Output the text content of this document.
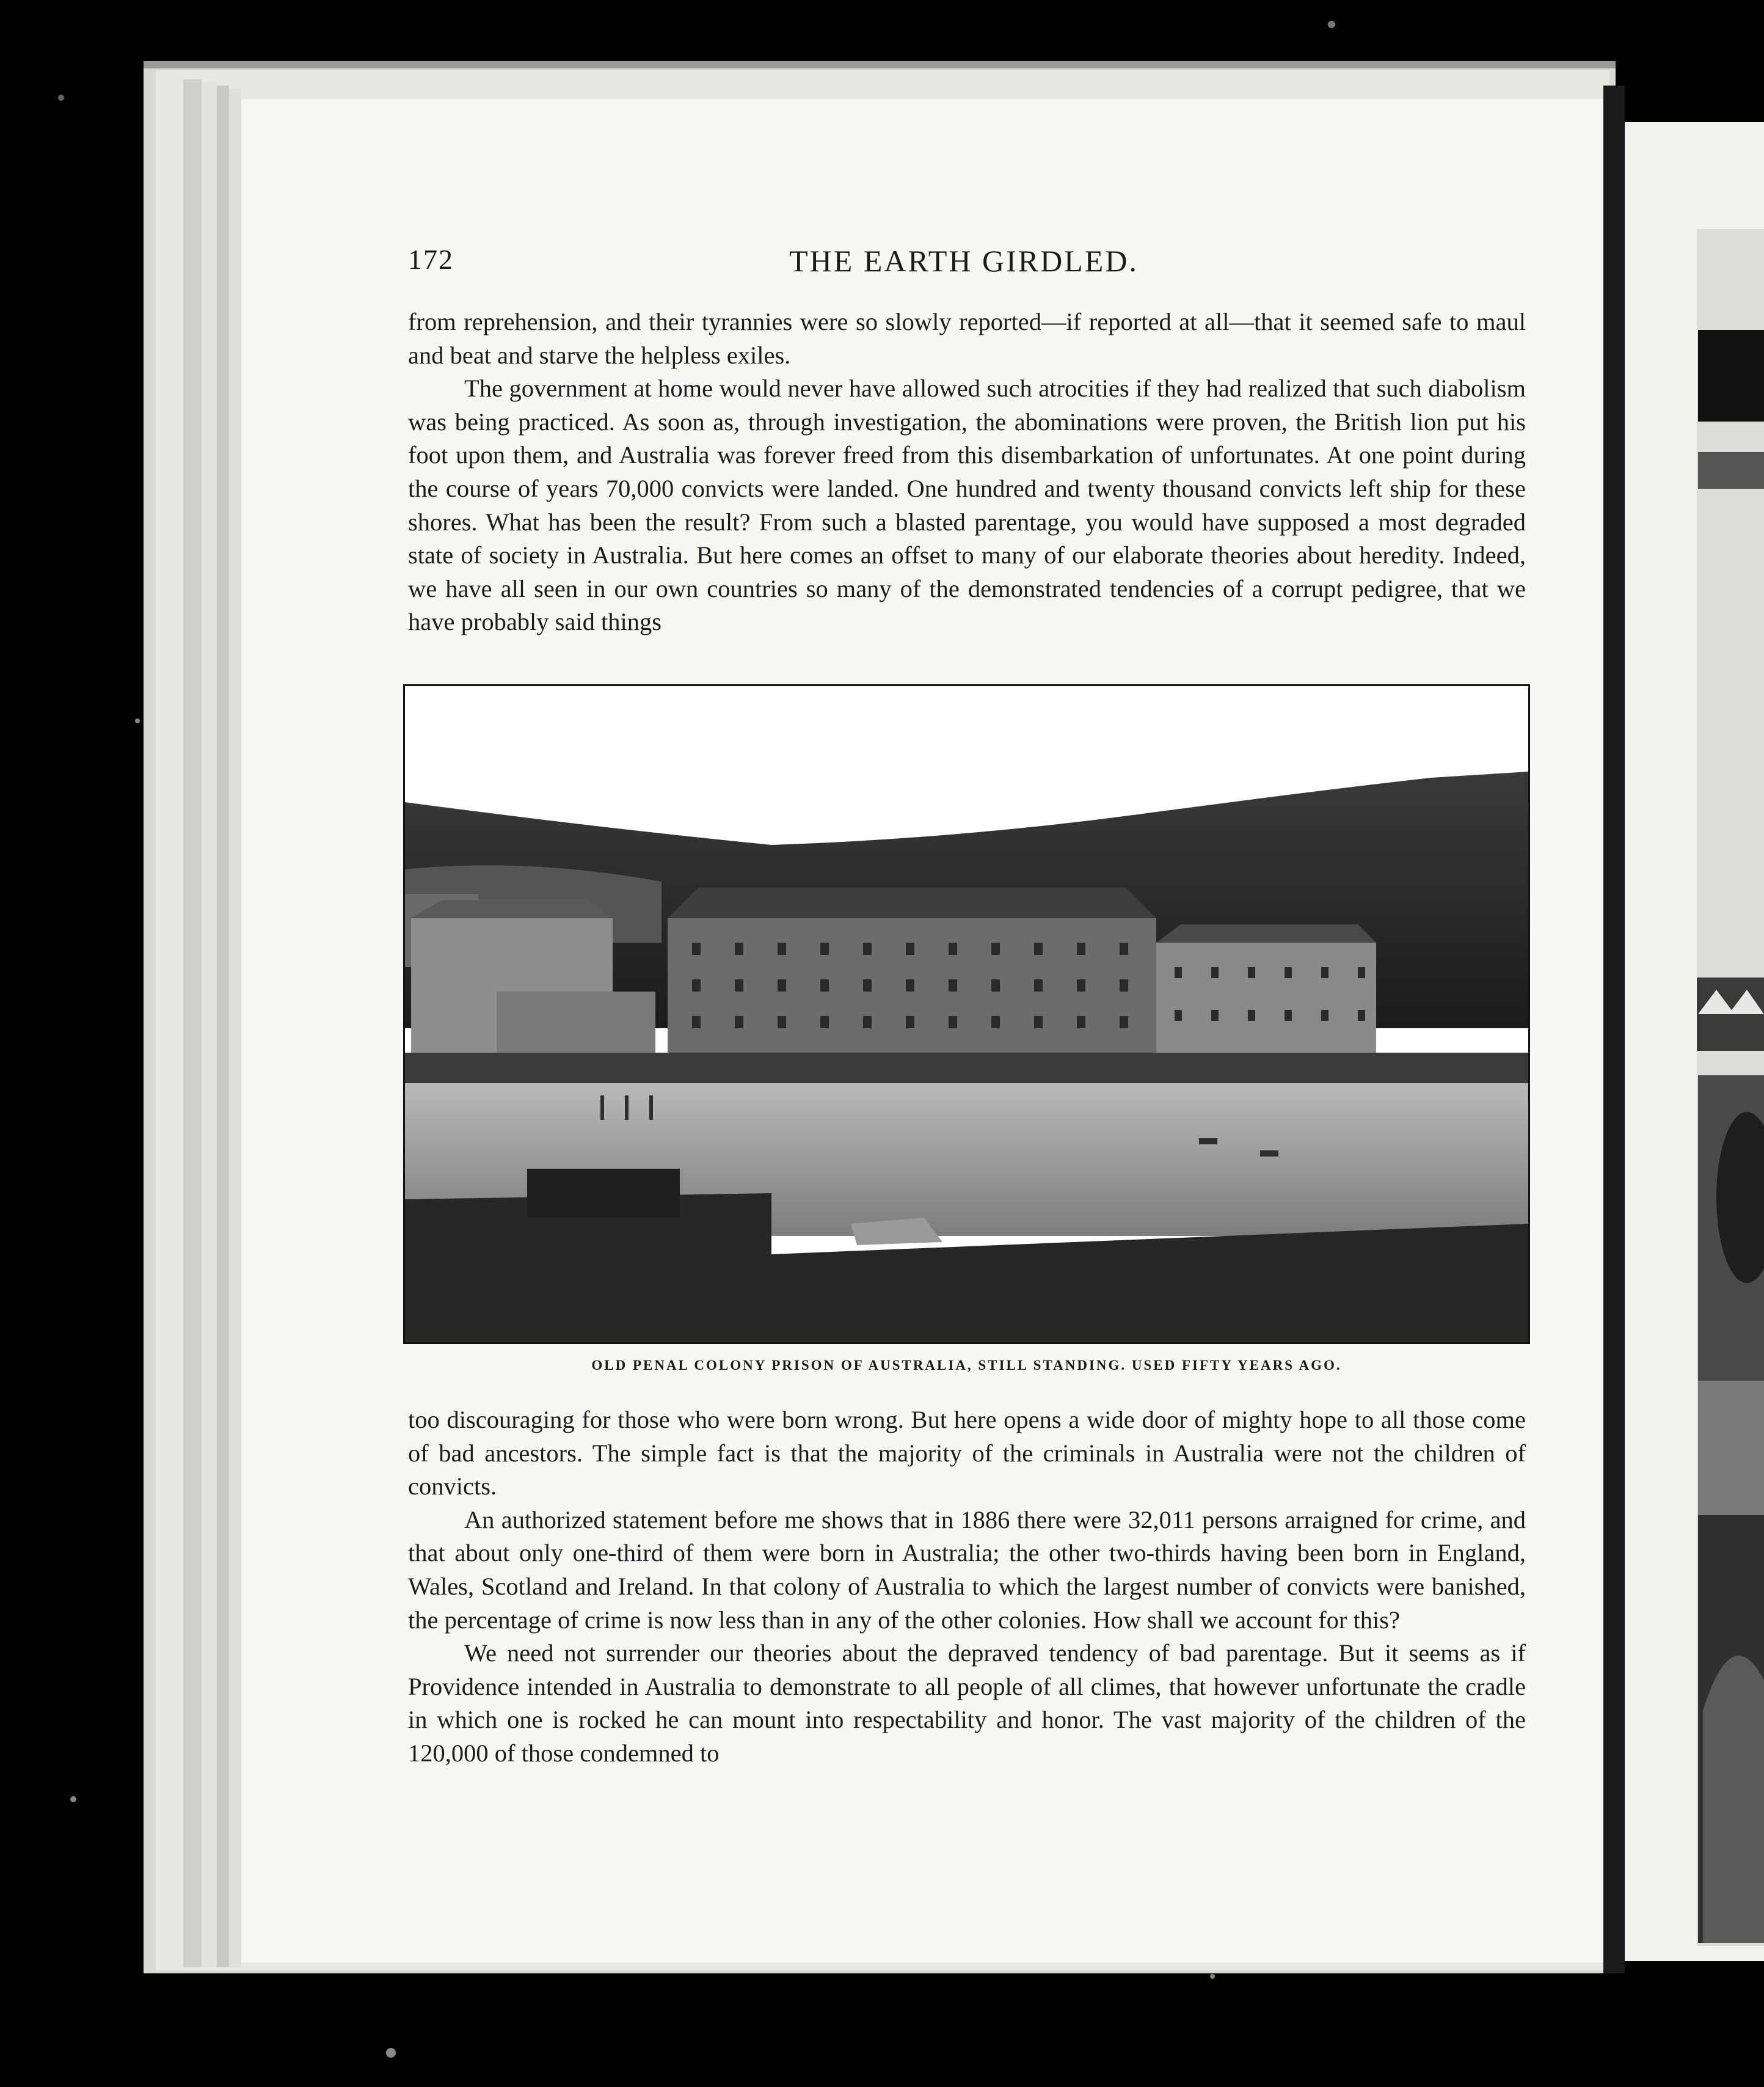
172	THE EARTH GIRDLED.

from reprehension, and their tyrannies were so slowly reported—if reported at all—that it seemed safe to maul and beat and starve the helpless exiles.

The government at home would never have allowed such atrocities if they had realized that such diabolism was being practiced. As soon as, through investigation, the abominations were proven, the British lion put his foot upon them, and Australia was forever freed from this disembarkation of unfortunates. At one point during the course of years 70,000 convicts were landed. One hundred and twenty thousand convicts left ship for these shores. What has been the result? From such a blasted parentage, you would have supposed a most degraded state of society in Australia. But here comes an offset to many of our elaborate theories about heredity. Indeed, we have all seen in our own countries so many of the demonstrated tendencies of a corrupt pedigree, that we have probably said things

OLD PENAL COLONY PRISON OF AUSTRALIA, STILL STANDING. USED FIFTY YEARS AGO.

too discouraging for those who were born wrong. But here opens a wide door of mighty hope to all those come of bad ancestors. The simple fact is that the majority of the criminals in Australia were not the children of convicts.

An authorized statement before me shows that in 1886 there were 32,011 persons arraigned for crime, and that about only one-third of them were born in Australia; the other two-thirds having been born in England, Wales, Scotland and Ireland. In that colony of Australia to which the largest number of convicts were banished, the percentage of crime is now less than in any of the other colonies. How shall we account for this?

We need not surrender our theories about the depraved tendency of bad parentage. But it seems as if Providence intended in Australia to demonstrate to all people of all climes, that however unfortunate the cradle in which one is rocked he can mount into respectability and honor. The vast majority of the children of the 120,000 of those condemned to
